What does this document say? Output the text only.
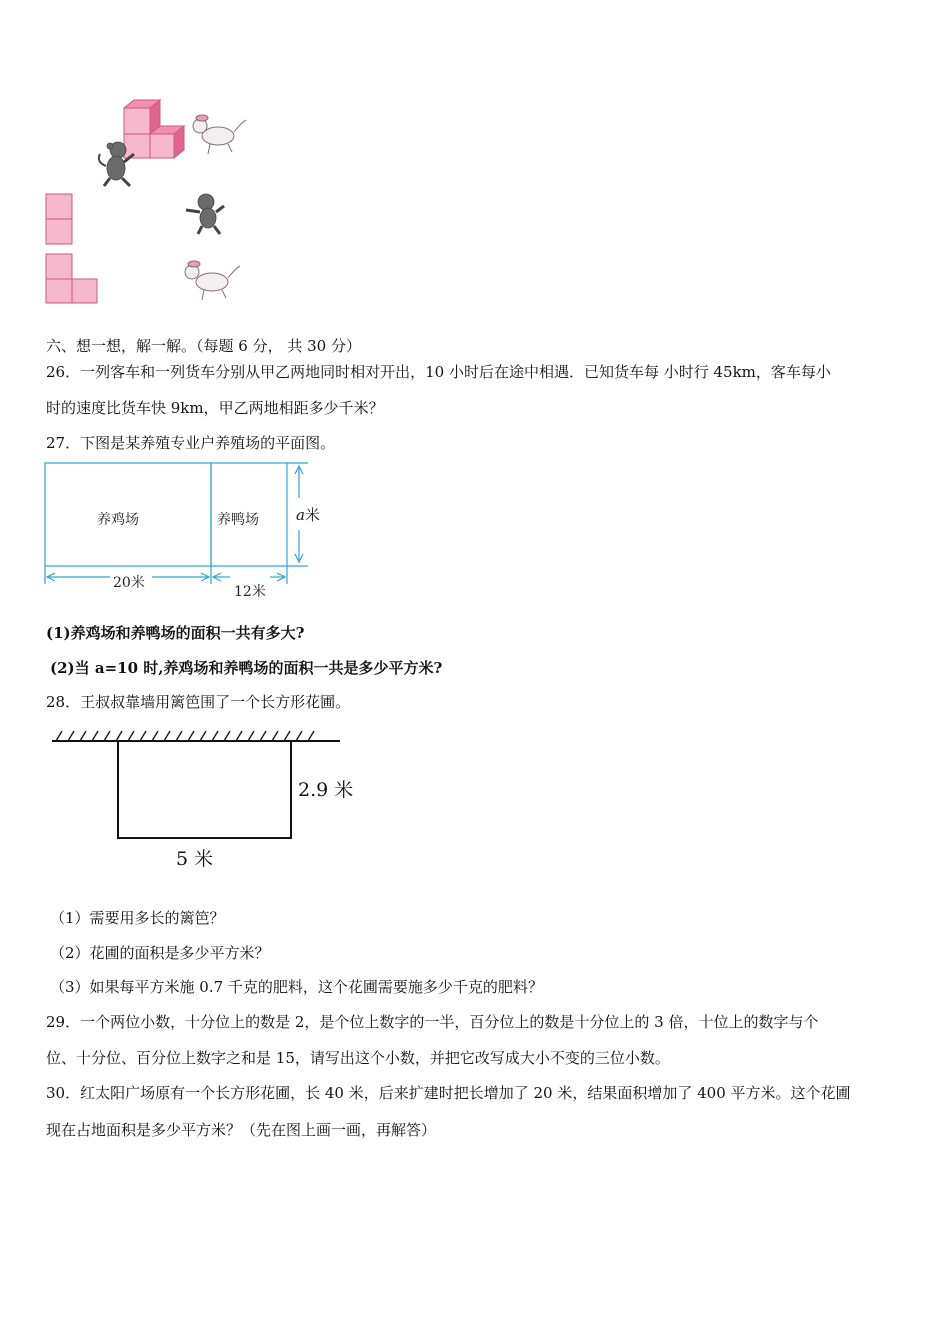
六、想一想，解一解。（每题 6 分， 共 30 分）
26．一列客车和一列货车分别从甲乙两地同时相对开出，10 小时后在途中相遇．已知货车每 小时行 45km，客车每小
时的速度比货车快 9km，甲乙两地相距多少千米？
27．下图是某养殖专业户养殖场的平面图。
养鸡场	养鸭场 a米
20米
12米
(1)养鸡场和养鸭场的面积一共有多大?
(2)当 a=10 时,养鸡场和养鸭场的面积一共是多少平方米?
28．王叔叔靠墙用篱笆围了一个长方形花圃。
2.9 米
5 米
（1）需要用多长的篱笆？
（2）花圃的面积是多少平方米？
（3）如果每平方米施 0.7 千克的肥料，这个花圃需要施多少千克的肥料？
29．一个两位小数，十分位上的数是 2，是个位上数字的一半，百分位上的数是十分位上的 3 倍，十位上的数字与个
位、十分位、百分位上数字之和是 15，请写出这个小数，并把它改写成大小不变的三位小数。
30．红太阳广场原有一个长方形花圃，长 40 米，后来扩建时把长增加了 20 米，结果面积增加了 400 平方米。这个花圃
现在占地面积是多少平方米？（先在图上画一画，再解答）
